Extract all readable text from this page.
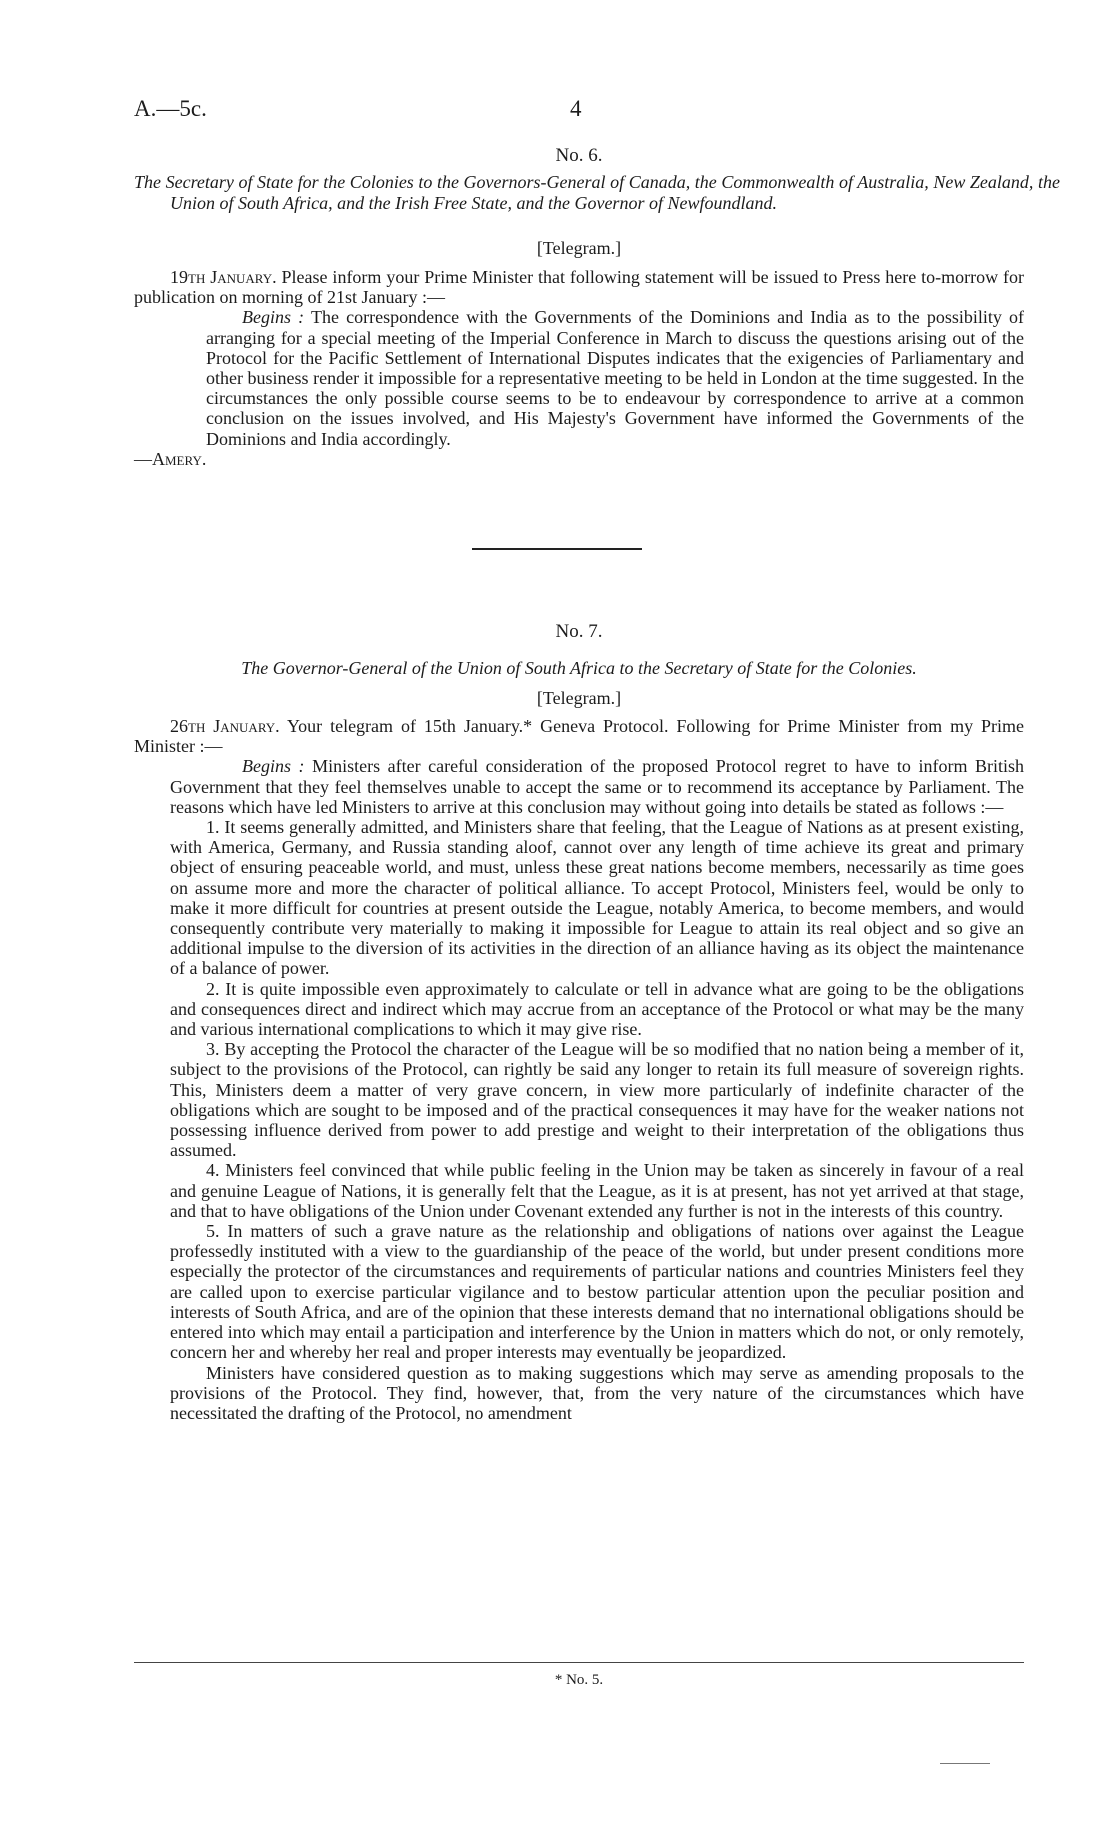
A.—5c.	4
No. 6.
The Secretary of State for the Colonies to the Governors-General of Canada, the Commonwealth of Australia, New Zealand, the Union of South Africa, and the Irish Free State, and the Governor of Newfoundland.
[Telegram.]

19th January. Please inform your Prime Minister that following statement will be issued to Press here to-morrow for publication on morning of 21st January :—

Begins : The correspondence with the Governments of the Dominions and India as to the possibility of arranging for a special meeting of the Imperial Conference in March to discuss the questions arising out of the Protocol for the Pacific Settlement of International Disputes indicates that the exigencies of Parliamentary and other business render it impossible for a representative meeting to be held in London at the time suggested. In the circumstances the only possible course seems to be to endeavour by correspondence to arrive at a common conclusion on the issues involved, and His Majesty's Government have informed the Governments of the Dominions and India accordingly.

—Amery.

No. 7.
The Governor-General of the Union of South Africa to the Secretary of State for the Colonies.
[Telegram.]

26th January. Your telegram of 15th January.* Geneva Protocol. Following for Prime Minister from my Prime Minister :—

Begins : Ministers after careful consideration of the proposed Protocol regret to have to inform British Government that they feel themselves unable to accept the same or to recommend its acceptance by Parliament. The reasons which have led Ministers to arrive at this conclusion may without going into details be stated as follows :—

1. It seems generally admitted, and Ministers share that feeling, that the League of Nations as at present existing, with America, Germany, and Russia standing aloof, cannot over any length of time achieve its great and primary object of ensuring peaceable world, and must, unless these great nations become members, necessarily as time goes on assume more and more the character of political alliance. To accept Protocol, Ministers feel, would be only to make it more difficult for countries at present outside the League, notably America, to become members, and would consequently contribute very materially to making it impossible for League to attain its real object and so give an additional impulse to the diversion of its activities in the direction of an alliance having as its object the maintenance of a balance of power.

2. It is quite impossible even approximately to calculate or tell in advance what are going to be the obligations and consequences direct and indirect which may accrue from an acceptance of the Protocol or what may be the many and various international complications to which it may give rise.

3. By accepting the Protocol the character of the League will be so modified that no nation being a member of it, subject to the provisions of the Protocol, can rightly be said any longer to retain its full measure of sovereign rights. This, Ministers deem a matter of very grave concern, in view more particularly of indefinite character of the obligations which are sought to be imposed and of the practical consequences it may have for the weaker nations not possessing influence derived from power to add prestige and weight to their interpretation of the obligations thus assumed.

4. Ministers feel convinced that while public feeling in the Union may be taken as sincerely in favour of a real and genuine League of Nations, it is generally felt that the League, as it is at present, has not yet arrived at that stage, and that to have obligations of the Union under Covenant extended any further is not in the interests of this country.

5. In matters of such a grave nature as the relationship and obligations of nations over against the League professedly instituted with a view to the guardianship of the peace of the world, but under present conditions more especially the protector of the circumstances and requirements of particular nations and countries Ministers feel they are called upon to exercise particular vigilance and to bestow particular attention upon the peculiar position and interests of South Africa, and are of the opinion that these interests demand that no international obligations should be entered into which may entail a participation and interference by the Union in matters which do not, or only remotely, concern her and whereby her real and proper interests may eventually be jeopardized.

Ministers have considered question as to making suggestions which may serve as amending proposals to the provisions of the Protocol. They find, however, that, from the very nature of the circumstances which have necessitated the drafting of the Protocol, no amendment

* No. 5.
